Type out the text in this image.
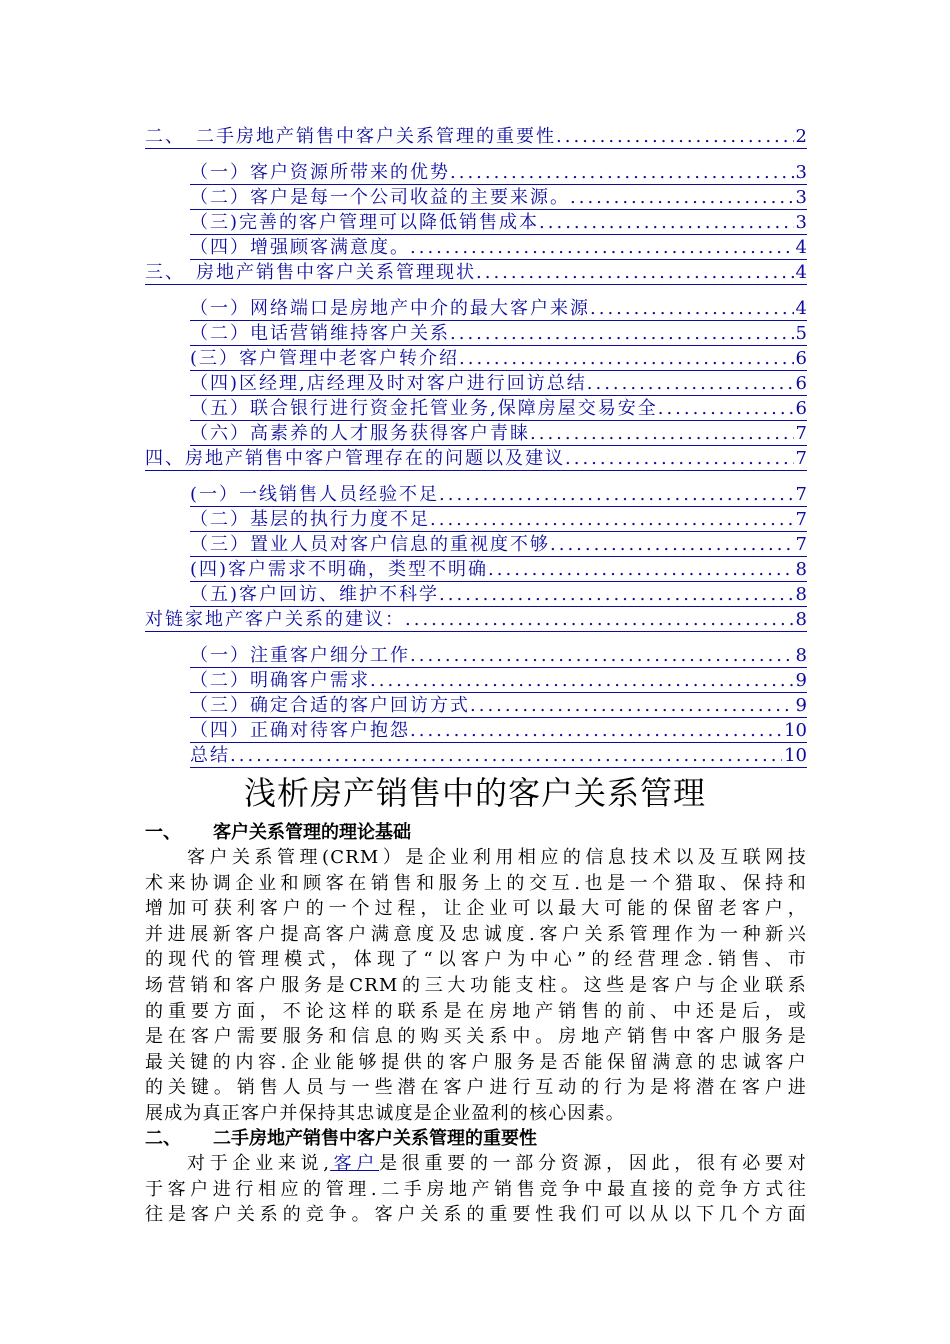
二、　二手房地产销售中客户关系管理的重要性 .....	2
（一）客户资源所带来的优势 .....	3
（二）客户是每一个公司收益的主要来源。 .....	3
（三)完善的客户管理可以降低销售成本 .....	3
（四）增强顾客满意度。 .....	4
三、　房地产销售中客户关系管理现状 .....	4
（一）网络端口是房地产中介的最大客户来源 .....	4
（二）电话营销维持客户关系 .....	5
(三）客户管理中老客户转介绍 .....	6
（四)区经理,店经理及时对客户进行回访总结 .....	6
（五）联合银行进行资金托管业务,保障房屋交易安全 .....	6
（六）高素养的人才服务获得客户青睐 .....	7
四、房地产销售中客户管理存在的问题以及建议 .....	7
(一）一线销售人员经验不足 .....	7
（二）基层的执行力度不足 .....	7
（三）置业人员对客户信息的重视度不够 .....	7
(四)客户需求不明确，类型不明确 .....	8
（五)客户回访、维护不科学 .....	8
对链家地产客户关系的建议： .....	8
（一）注重客户细分工作 .....	8
（二）明确客户需求 .....	9
（三）确定合适的客户回访方式 .....	9
（四）正确对待客户抱怨 .....	10
总结 .....	10
浅析房产销售中的客户关系管理
一、 客户关系管理的理论基础
客户关系管理(CRM）是企业利用相应的信息技术以及互联网技
术来协调企业和顾客在销售和服务上的交互.也是一个猎取、保持和
增加可获利客户的一个过程，让企业可以最大可能的保留老客户，
并进展新客户提高客户满意度及忠诚度.客户关系管理作为一种新兴
的现代的管理模式，体现了“以客户为中心”的经营理念.销售、市
场营销和客户服务是CRM的三大功能支柱。这些是客户与企业联系
的重要方面，不论这样的联系是在房地产销售的前、中还是后，或
是在客户需要服务和信息的购买关系中。房地产销售中客户服务是
最关键的内容.企业能够提供的客户服务是否能保留满意的忠诚客户
的关键。销售人员与一些潜在客户进行互动的行为是将潜在客户进
展成为真正客户并保持其忠诚度是企业盈利的核心因素。
二、 二手房地产销售中客户关系管理的重要性
对于企业来说,客户是很重要的一部分资源，因此，很有必要对
于客户进行相应的管理.二手房地产销售竞争中最直接的竞争方式往
往是客户关系的竞争。客户关系的重要性我们可以从以下几个方面
